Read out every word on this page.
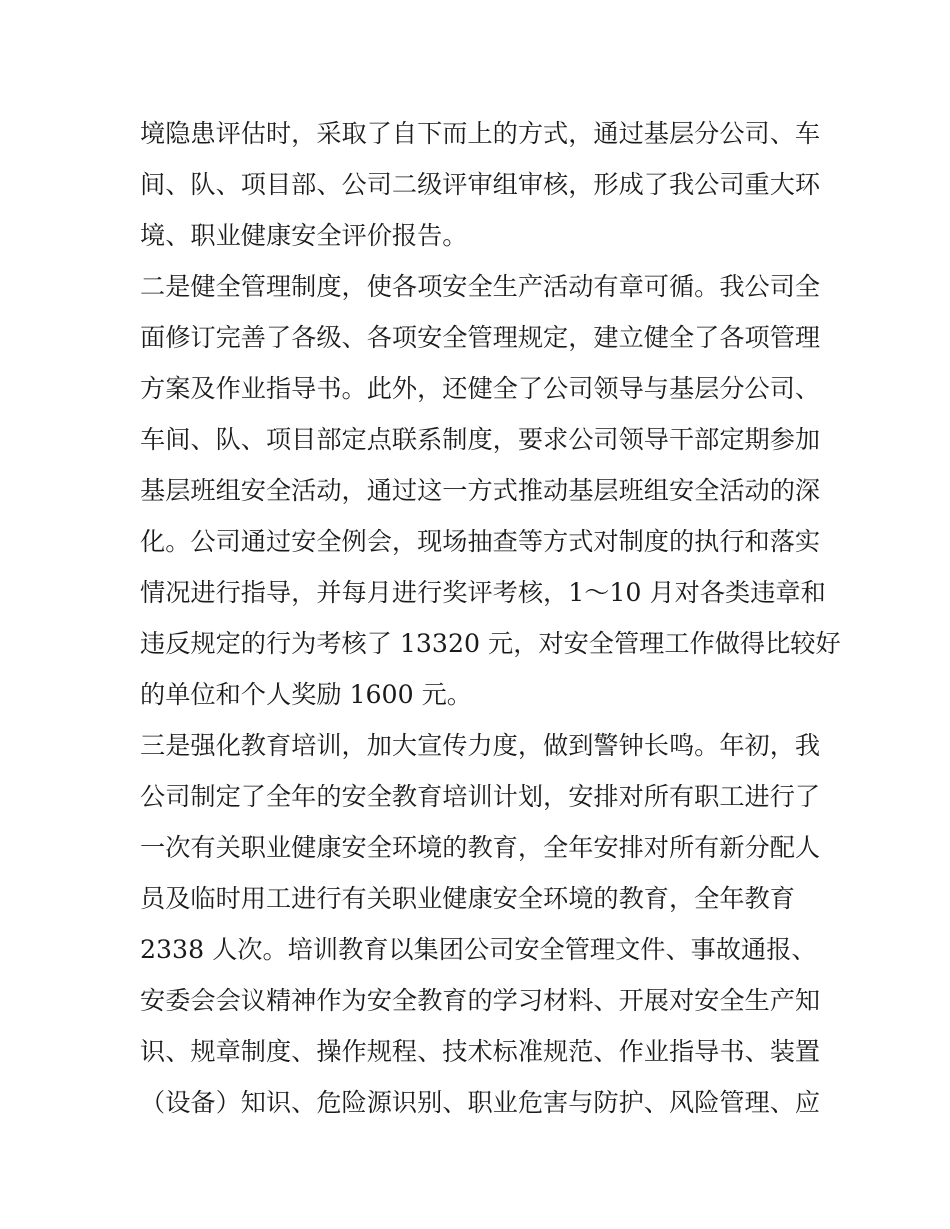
境隐患评估时，采取了自下而上的方式，通过基层分公司、车
间、队、项目部、公司二级评审组审核，形成了我公司重大环
境、职业健康安全评价报告。
二是健全管理制度，使各项安全生产活动有章可循。我公司全
面修订完善了各级、各项安全管理规定，建立健全了各项管理
方案及作业指导书。此外，还健全了公司领导与基层分公司、
车间、队、项目部定点联系制度，要求公司领导干部定期参加
基层班组安全活动，通过这一方式推动基层班组安全活动的深
化。公司通过安全例会，现场抽查等方式对制度的执行和落实
情况进行指导，并每月进行奖评考核，1～10 月对各类违章和
违反规定的行为考核了 13320 元，对安全管理工作做得比较好
的单位和个人奖励 1600 元。
三是强化教育培训，加大宣传力度，做到警钟长鸣。年初，我
公司制定了全年的安全教育培训计划，安排对所有职工进行了
一次有关职业健康安全环境的教育，全年安排对所有新分配人
员及临时用工进行有关职业健康安全环境的教育，全年教育
2338 人次。培训教育以集团公司安全管理文件、事故通报、
安委会会议精神作为安全教育的学习材料、开展对安全生产知
识、规章制度、操作规程、技术标准规范、作业指导书、装置
（设备）知识、危险源识别、职业危害与防护、风险管理、应
